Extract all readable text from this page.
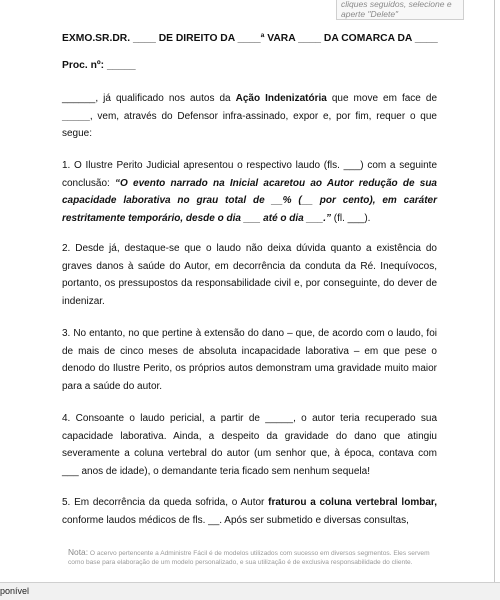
cliques seguidos, selecione e
aperte "Delete"

EXMO.SR.DR. ____ DE DIREITO DA ____ª VARA ____ DA COMARCA DA ____

Proc. nº: _____

______, já qualificado nos autos da Ação Indenizatória que move em face de _____, vem, através do Defensor infra-assinado, expor e, por fim, requer o que segue:

1. O Ilustre Perito Judicial apresentou o respectivo laudo (fls. ___) com a seguinte conclusão: “O evento narrado na Inicial acaretou ao Autor redução de sua capacidade laborativa no grau total de __% (__ por cento), em caráter restritamente temporário, desde o dia ___ até o dia ___.” (fl. ___).

2. Desde já, destaque-se que o laudo não deixa dúvida quanto a existência do graves danos à saúde do Autor, em decorrência da conduta da Ré. Inequívocos, portanto, os pressupostos da responsabilidade civil e, por conseguinte, do dever de indenizar.

3. No entanto, no que pertine à extensão do dano – que, de acordo com o laudo, foi de mais de cinco meses de absoluta incapacidade laborativa – em que pese o denodo do Ilustre Perito, os próprios autos demonstram uma gravidade muito maior para a saúde do autor.

4. Consoante o laudo pericial, a partir de _____, o autor teria recuperado sua capacidade laborativa. Ainda, a despeito da gravidade do dano que atingiu severamente a coluna vertebral do autor (um senhor que, à época, contava com ___ anos de idade), o demandante teria ficado sem nenhum sequela!

5. Em decorrência da queda sofrida, o Autor fraturou a coluna vertebral lombar, conforme laudos médicos de fls. __. Após ser submetido e diversas consultas,

Nota: O acervo pertencente a Administre Fácil é de modelos utilizados com sucesso em diversos segmentos. Eles servem como base para elaboração de um modelo personalizado, e sua utilização é de exclusiva responsabilidade do cliente.
ponível
